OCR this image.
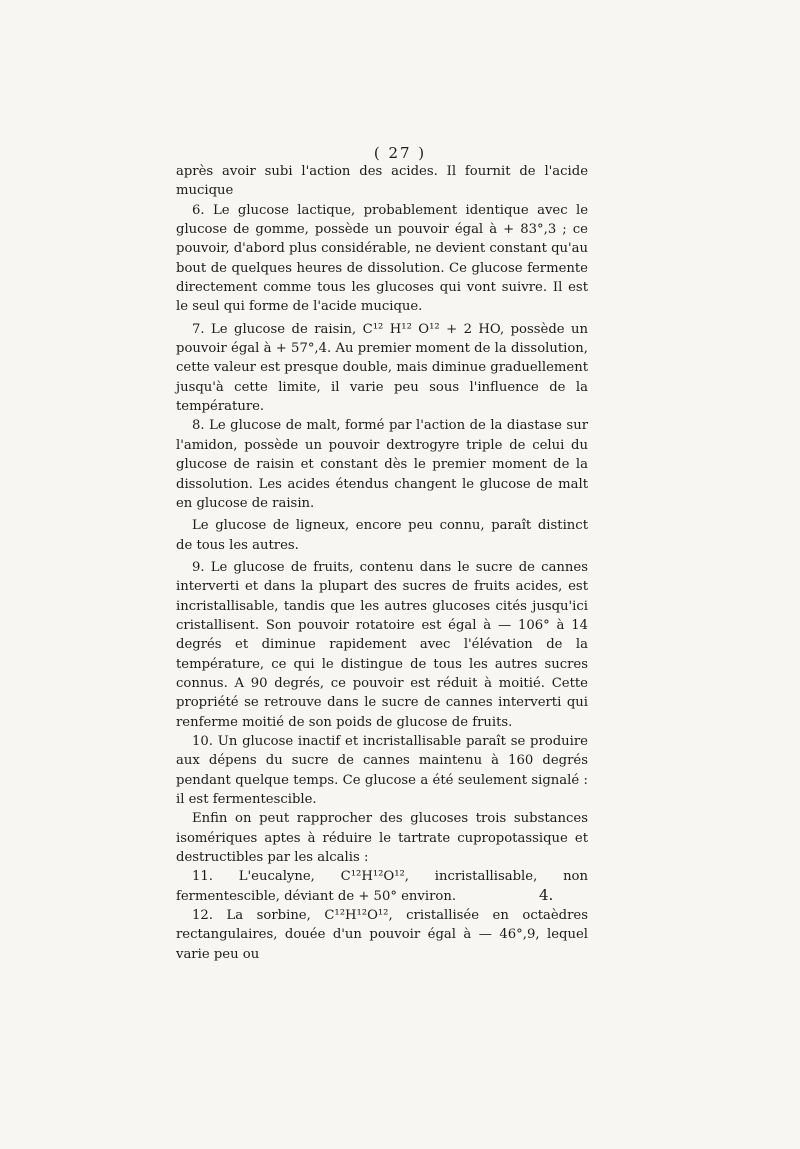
( 27 )

après avoir subi l'action des acides. Il fournit de l'acide mucique

6. Le glucose lactique, probablement identique avec le glucose de gomme, possède un pouvoir égal à + 83°,3 ; ce pouvoir, d'abord plus considérable, ne devient constant qu'au bout de quelques heures de dissolution. Ce glucose fermente directement comme tous les glucoses qui vont suivre. Il est le seul qui forme de l'acide mucique.

7. Le glucose de raisin, C¹² H¹² O¹² + 2 HO, possède un pouvoir égal à + 57°,4. Au premier moment de la dissolution, cette valeur est presque double, mais diminue graduellement jusqu'à cette limite, il varie peu sous l'influence de la température.

8. Le glucose de malt, formé par l'action de la diastase sur l'amidon, possède un pouvoir dextrogyre triple de celui du glucose de raisin et constant dès le premier moment de la dissolution. Les acides étendus changent le glucose de malt en glucose de raisin.

Le glucose de ligneux, encore peu connu, paraît distinct de tous les autres.

9. Le glucose de fruits, contenu dans le sucre de cannes interverti et dans la plupart des sucres de fruits acides, est incristallisable, tandis que les autres glucoses cités jusqu'ici cristallisent. Son pouvoir rotatoire est égal à — 106° à 14 degrés et diminue rapidement avec l'élévation de la température, ce qui le distingue de tous les autres sucres connus. A 90 degrés, ce pouvoir est réduit à moitié. Cette propriété se retrouve dans le sucre de cannes interverti qui renferme moitié de son poids de glucose de fruits.

10. Un glucose inactif et incristallisable paraît se produire aux dépens du sucre de cannes maintenu à 160 degrés pendant quelque temps. Ce glucose a été seulement signalé : il est fermentescible.

Enfin on peut rapprocher des glucoses trois substances isomériques aptes à réduire le tartrate cupropotassique et destructibles par les alcalis :

11. L'eucalyne, C¹²H¹²O¹², incristallisable, non fermentescible, déviant de + 50° environ.

12. La sorbine, C¹²H¹²O¹², cristallisée en octaèdres rectangulaires, douée d'un pouvoir égal à — 46°,9, lequel varie peu ou

4.
